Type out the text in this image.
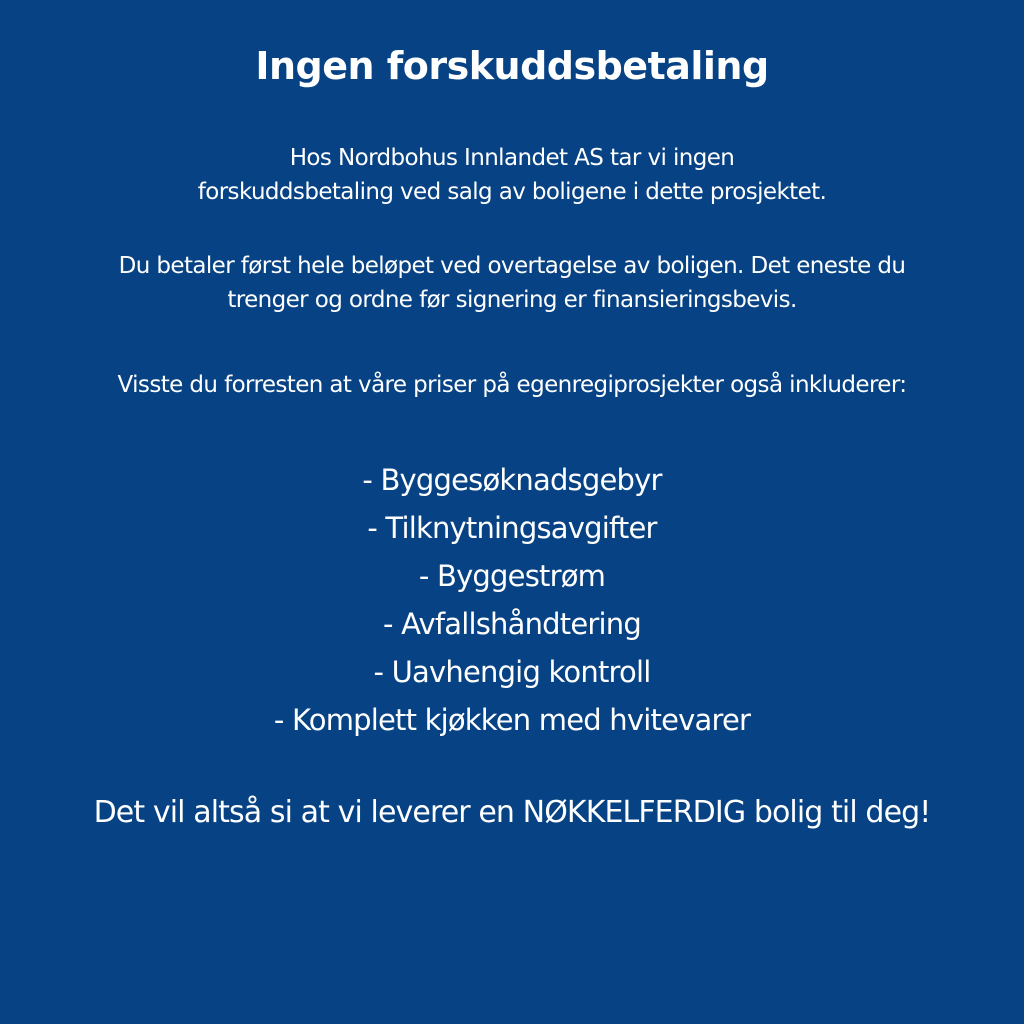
Ingen forskuddsbetaling

Hos Nordbohus Innlandet AS tar vi ingen
forskuddsbetaling ved salg av boligene i dette prosjektet.

Du betaler først hele beløpet ved overtagelse av boligen. Det eneste du
trenger og ordne før signering er finansieringsbevis.

Visste du forresten at våre priser på egenregiprosjekter også inkluderer:

- Byggesøknadsgebyr
- Tilknytningsavgifter
- Byggestrøm
- Avfallshåndtering
- Uavhengig kontroll
- Komplett kjøkken med hvitevarer

Det vil altså si at vi leverer en NØKKELFERDIG bolig til deg!
